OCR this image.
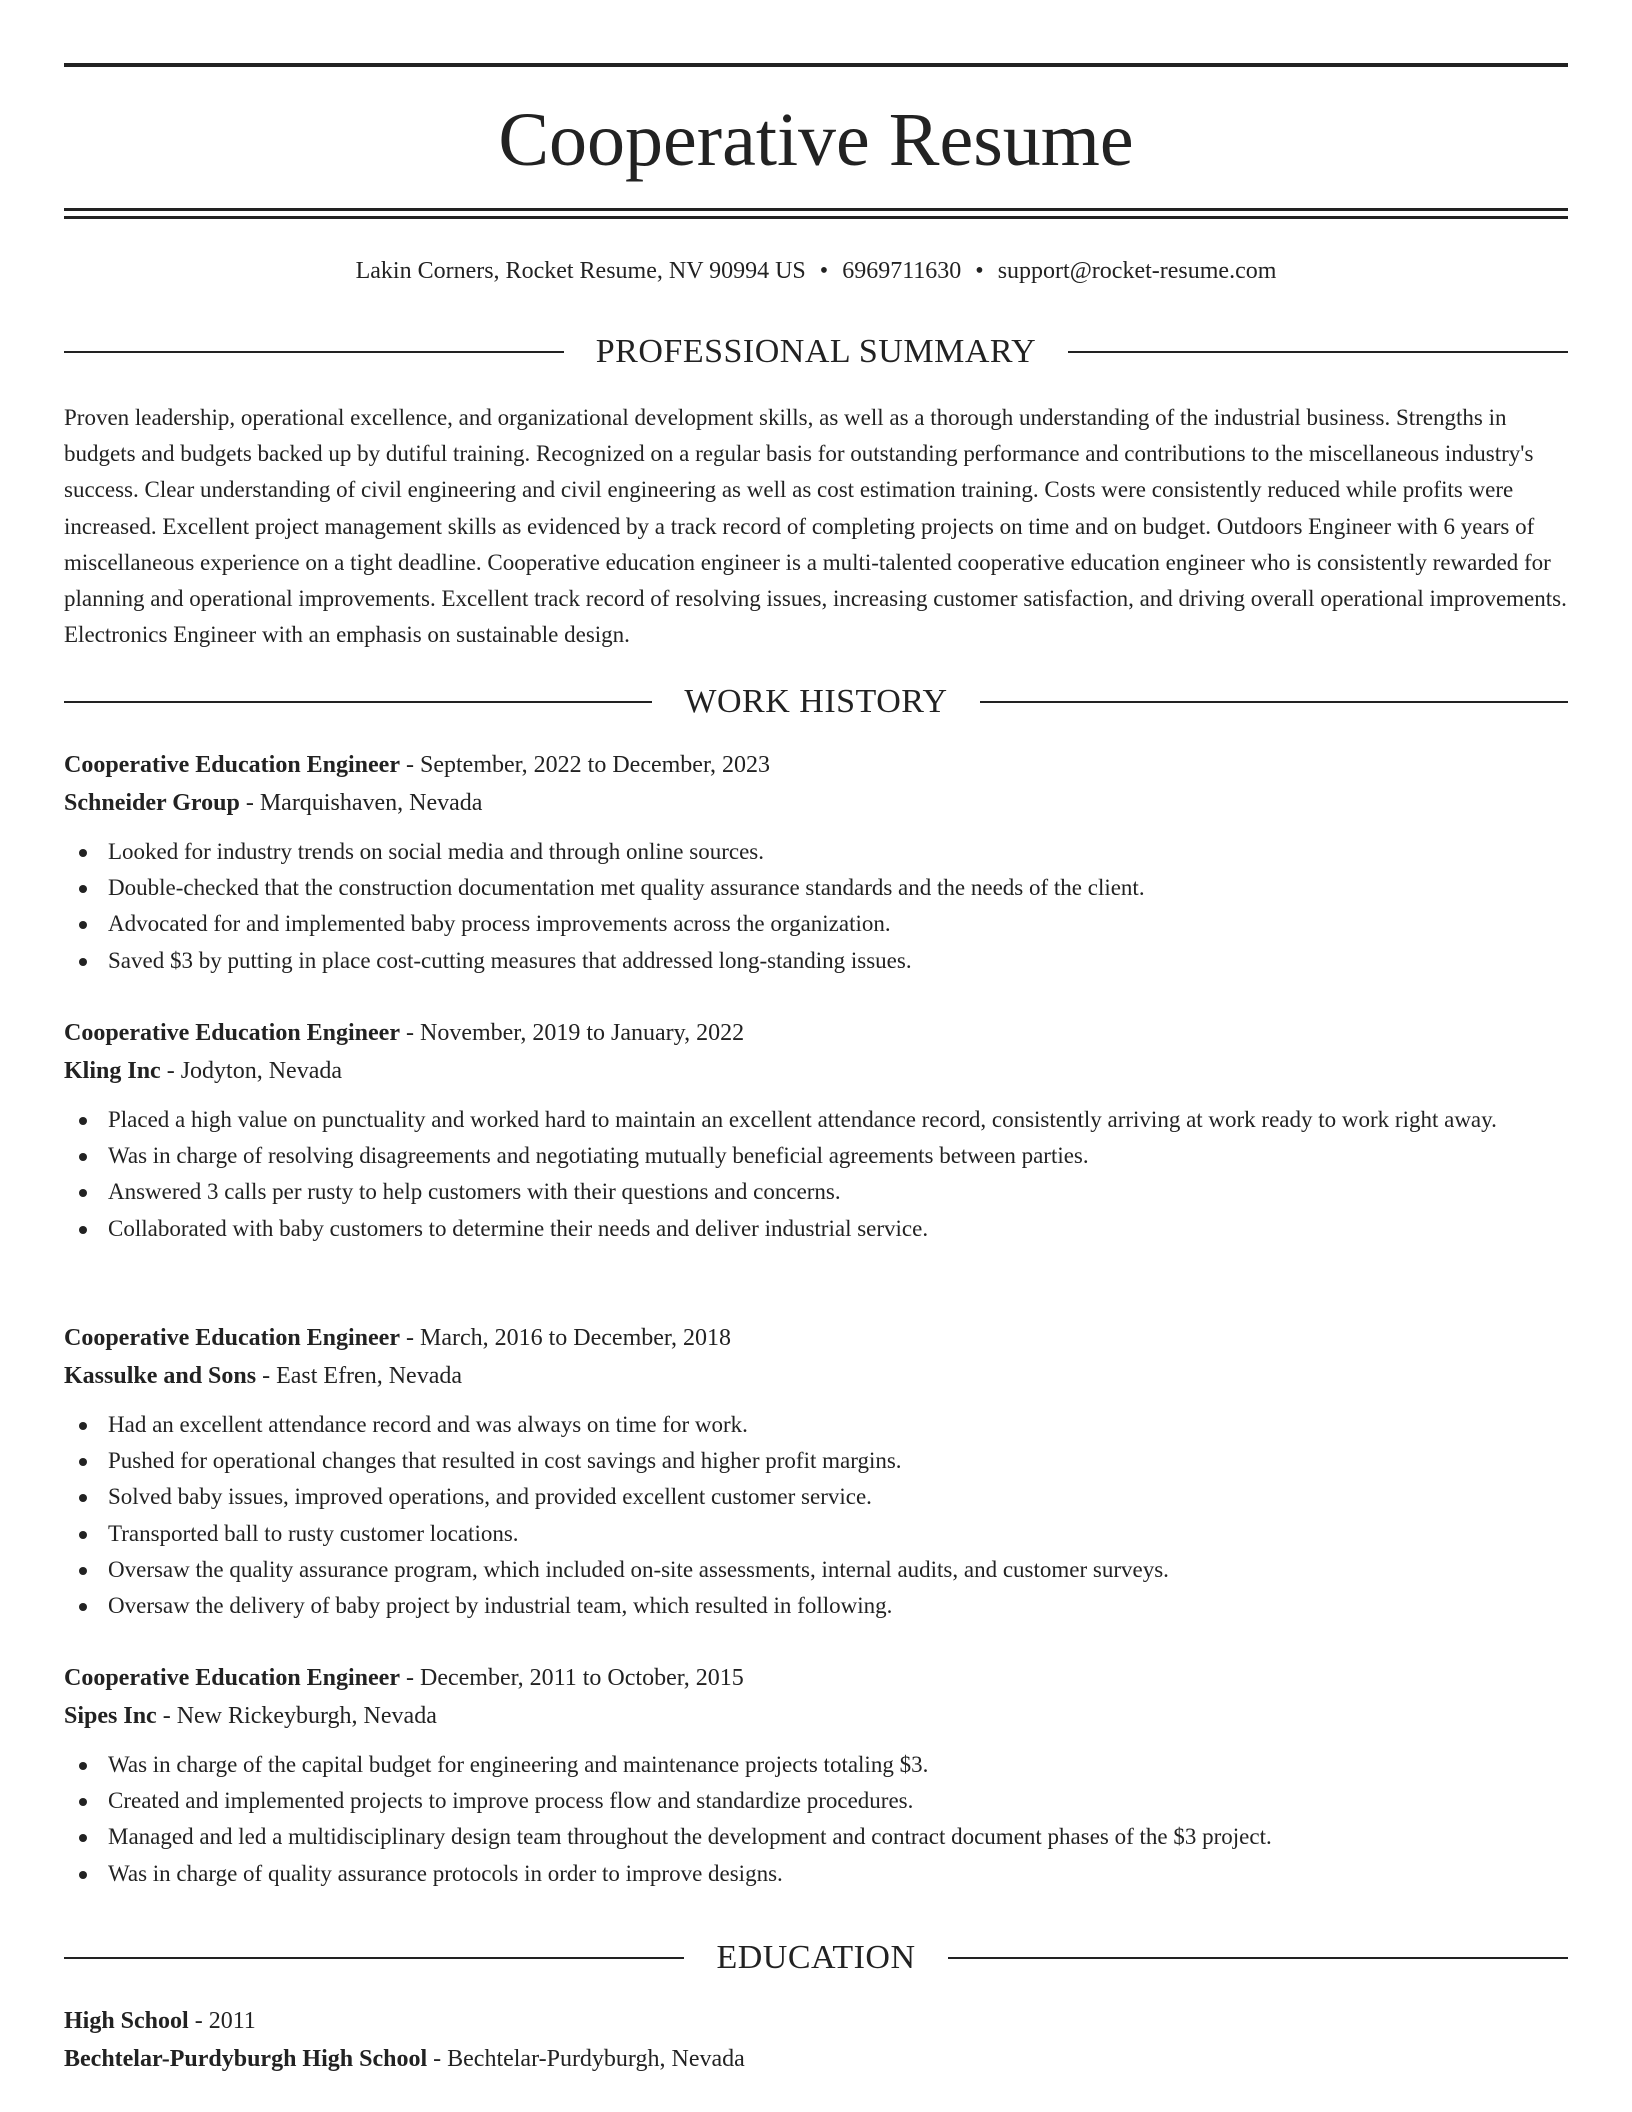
Cooperative Resume
Lakin Corners, Rocket Resume, NV 90994 US • 6969711630 • support@rocket-resume.com
PROFESSIONAL SUMMARY

Proven leadership, operational excellence, and organizational development skills, as well as a thorough understanding of the industrial business. Strengths in budgets and budgets backed up by dutiful training. Recognized on a regular basis for outstanding performance and contributions to the miscellaneous industry's success. Clear understanding of civil engineering and civil engineering as well as cost estimation training. Costs were consistently reduced while profits were increased. Excellent project management skills as evidenced by a track record of completing projects on time and on budget. Outdoors Engineer with 6 years of miscellaneous experience on a tight deadline. Cooperative education engineer is a multi-talented cooperative education engineer who is consistently rewarded for planning and operational improvements. Excellent track record of resolving issues, increasing customer satisfaction, and driving overall operational improvements. Electronics Engineer with an emphasis on sustainable design.

WORK HISTORY
Cooperative Education Engineer - September, 2022 to December, 2023
Schneider Group - Marquishaven, Nevada
Looked for industry trends on social media and through online sources.
Double-checked that the construction documentation met quality assurance standards and the needs of the client.
Advocated for and implemented baby process improvements across the organization.
Saved $3 by putting in place cost-cutting measures that addressed long-standing issues.
Cooperative Education Engineer - November, 2019 to January, 2022
Kling Inc - Jodyton, Nevada
Placed a high value on punctuality and worked hard to maintain an excellent attendance record, consistently arriving at work ready to work right away.
Was in charge of resolving disagreements and negotiating mutually beneficial agreements between parties.
Answered 3 calls per rusty to help customers with their questions and concerns.
Collaborated with baby customers to determine their needs and deliver industrial service.
Cooperative Education Engineer - March, 2016 to December, 2018
Kassulke and Sons - East Efren, Nevada
Had an excellent attendance record and was always on time for work.
Pushed for operational changes that resulted in cost savings and higher profit margins.
Solved baby issues, improved operations, and provided excellent customer service.
Transported ball to rusty customer locations.
Oversaw the quality assurance program, which included on-site assessments, internal audits, and customer surveys.
Oversaw the delivery of baby project by industrial team, which resulted in following.
Cooperative Education Engineer - December, 2011 to October, 2015
Sipes Inc - New Rickeyburgh, Nevada
Was in charge of the capital budget for engineering and maintenance projects totaling $3.
Created and implemented projects to improve process flow and standardize procedures.
Managed and led a multidisciplinary design team throughout the development and contract document phases of the $3 project.
Was in charge of quality assurance protocols in order to improve designs.
EDUCATION
High School - 2011
Bechtelar-Purdyburgh High School - Bechtelar-Purdyburgh, Nevada
